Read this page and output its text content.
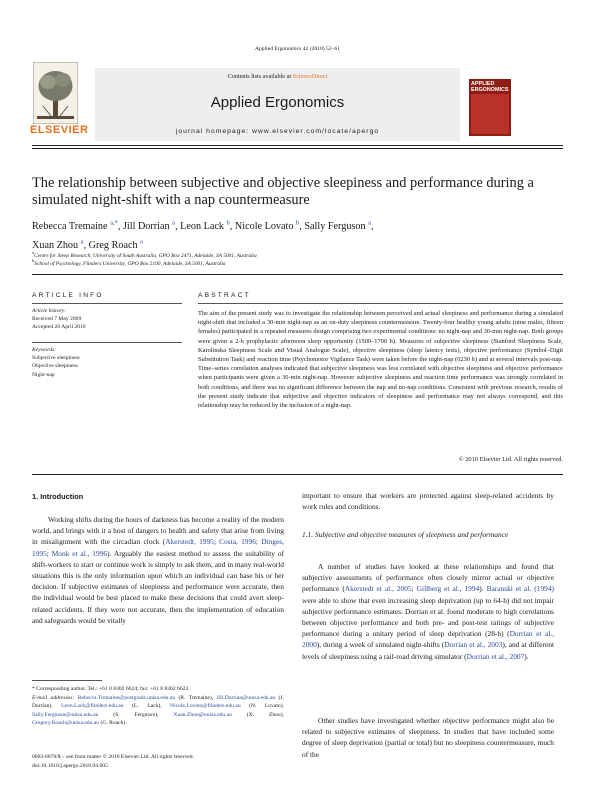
Applied Ergonomics 42 (2010) 52–61
ELSEVIER
Contents lists available at ScienceDirect
Applied Ergonomics
journal homepage: www.elsevier.com/locate/apergo
APPLIED ERGONOMICS
The relationship between subjective and objective sleepiness and performance during a simulated night-shift with a nap countermeasure
Rebecca Tremaine $^{a,*}$, Jill Dorrian $^a$, Leon Lack $^b$, Nicole Lovato $^b$, Sally Ferguson $^a$,
Xuan Zhou $^a$, Greg Roach $^a$
$^a$Centre for Sleep Research, University of South Australia, GPO Box 2471, Adelaide, SA 5001, Australia
$^b$School of Psychology, Flinders University, GPO Box 2100, Adelaide, SA 5001, Australia
ARTICLE INFO	ABSTRACT
Article history:
Received 7 May 2009
Accepted 20 April 2010
Keywords:
Subjective sleepiness
Objective sleepiness
Night-nap
The aim of the present study was to investigate the relationship between perceived and actual sleepiness and performance during a simulated night-shift that included a 30-min night-nap as an on-duty sleepiness countermeasure. Twenty-four healthy young adults (nine males, fifteen females) participated in a repeated measures design comprising two experimental conditions: no night-nap and 30-min night-nap. Both groups were given a 2-h prophylactic afternoon sleep opportunity (1500–1700 h). Measures of subjective sleepiness (Stanford Sleepiness Scale, Karolinska Sleepiness Scale and Visual Analogue Scale), objective sleepiness (sleep latency tests), objective performance (Symbol–Digit Substitution Task) and reaction time (Psychomotor Vigilance Task) were taken before the night-nap (0230 h) and at several intervals post-nap. Time–series correlation analyses indicated that subjective sleepiness was less correlated with objective sleepiness and objective performance when participants were given a 30-min night-nap. However subjective sleepiness and reaction time performance was strongly correlated in both conditions, and there was no significant difference between the nap and no-nap conditions. Consistent with previous research, results of the present study indicate that subjective and objective indicators of sleepiness and performance may not always correspond, and this relationship may be reduced by the inclusion of a night-nap.
© 2010 Elsevier Ltd. All rights reserved.
1. Introduction
Working shifts during the hours of darkness has become a reality of the modern world, and brings with it a host of dangers to health and safety that arise from living in misalignment with the circadian clock (Akerstedt, 1995; Costa, 1996; Dinges, 1995; Monk et al., 1996). Arguably the easiest method to assess the suitability of shift-workers to start or continue work is simply to ask them, and in many real-world situations this is the only information upon which an individual can base his or her decision. If subjective estimates of sleepiness and performance were accurate, then the individual would be best placed to make these decisions that could avert sleep-related accidents. If they were not accurate, then the implementation of education and safeguards would be vitally
important to ensure that workers are protected against sleep-related accidents by work rules and conditions.
1.1. Subjective and objective measures of sleepiness and performance
A number of studies have looked at these relationships and found that subjective assessments of performance often closely mirror actual or objective performance (Akerstedt et al., 2005; Gillberg et al., 1994). Baranski et al. (1994) were able to show that even increasing sleep deprivation (up to 64-h) did not impair subjective performance estimates. Dorrian et al. found moderate to high correlations between objective performance and both pre- and post-test ratings of subjective performance during a unitary period of sleep deprivation (28-h) (Dorrian et al., 2000), during a week of simulated night-shifts (Dorrian et al., 2003), and at different levels of sleepiness using a rail-road driving simulator (Dorrian et al., 2007).
Other studies have investigated whether objective performance might also be related to subjective estimates of sleepiness. In studies that have included some degree of sleep deprivation (partial or total) but no sleepiness countermeasure, much of the
* Corresponding author. Tel.: +61 8 8302 6624; fax: +61 8 8302 6623.
E-mail addresses: Rebecca.Tremaine@postgrads.unisa.edu.au (R. Tremaine), Jill.Dorrian@unisa.edu.au (J. Dorrian), Leon.Lack@flinders.edu.au (L. Lack), Nicole.Lovato@flinders.edu.au (N. Lovato), Sally.Ferguson@unisa.edu.au (S. Ferguson), Xuan.Zhou@unisa.edu.au (X. Zhou), Gregory.Roach@unisa.edu.au (G. Roach).
0003-6870/$ – see front matter © 2010 Elsevier Ltd. All rights reserved.
doi:10.1016/j.apergo.2010.04.005
